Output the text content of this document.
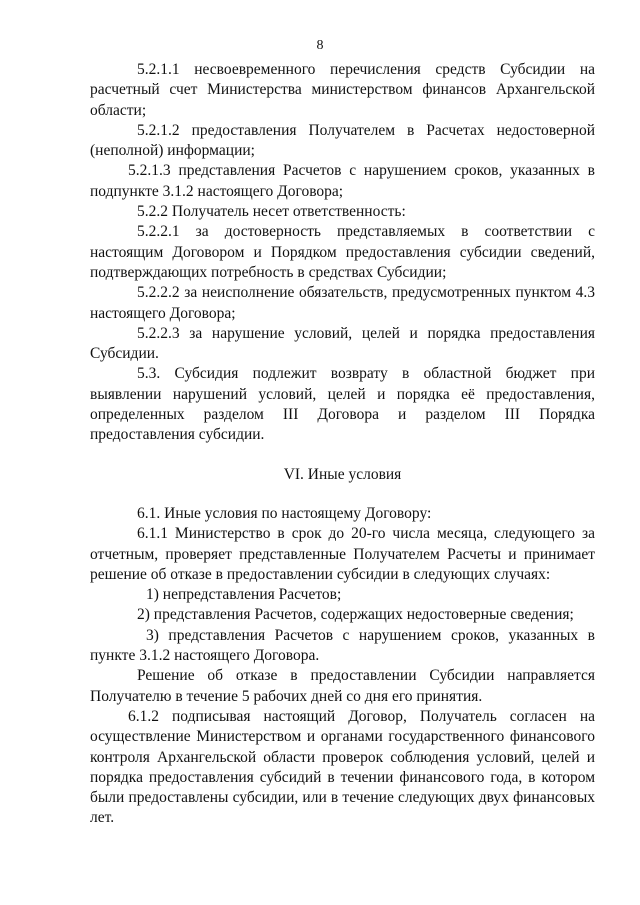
8

5.2.1.1 несвоевременного перечисления средств Субсидии на расчетный счет Министерства министерством финансов Архангельской области;

5.2.1.2 предоставления Получателем в Расчетах недостоверной (неполной) информации;

5.2.1.3 представления Расчетов с нарушением сроков, указанных в подпункте 3.1.2 настоящего Договора;

5.2.2 Получатель несет ответственность:

5.2.2.1 за достоверность представляемых в соответствии с настоящим Договором и Порядком предоставления субсидии сведений, подтверждающих потребность в средствах Субсидии;

5.2.2.2 за неисполнение обязательств, предусмотренных пунктом 4.3 настоящего Договора;

5.2.2.3 за нарушение условий, целей и порядка предоставления Субсидии.

5.3. Субсидия подлежит возврату в областной бюджет при выявлении нарушений условий, целей и порядка её предоставления, определенных разделом III Договора и разделом III Порядка предоставления субсидии.

VI. Иные условия

6.1. Иные условия по настоящему Договору:

6.1.1 Министерство в срок до 20-го числа месяца, следующего за отчетным, проверяет представленные Получателем Расчеты и принимает решение об отказе в предоставлении субсидии в следующих случаях:

1) непредставления Расчетов;

2) представления Расчетов, содержащих недостоверные сведения;

3) представления Расчетов с нарушением сроков, указанных в пункте 3.1.2 настоящего Договора.

Решение об отказе в предоставлении Субсидии направляется Получателю в течение 5 рабочих дней со дня его принятия.

6.1.2 подписывая настоящий Договор, Получатель согласен на осуществление Министерством и органами государственного финансового контроля Архангельской области проверок соблюдения условий, целей и порядка предоставления субсидий в течении финансового года, в котором были предоставлены субсидии, или в течение следующих двух финансовых лет.
